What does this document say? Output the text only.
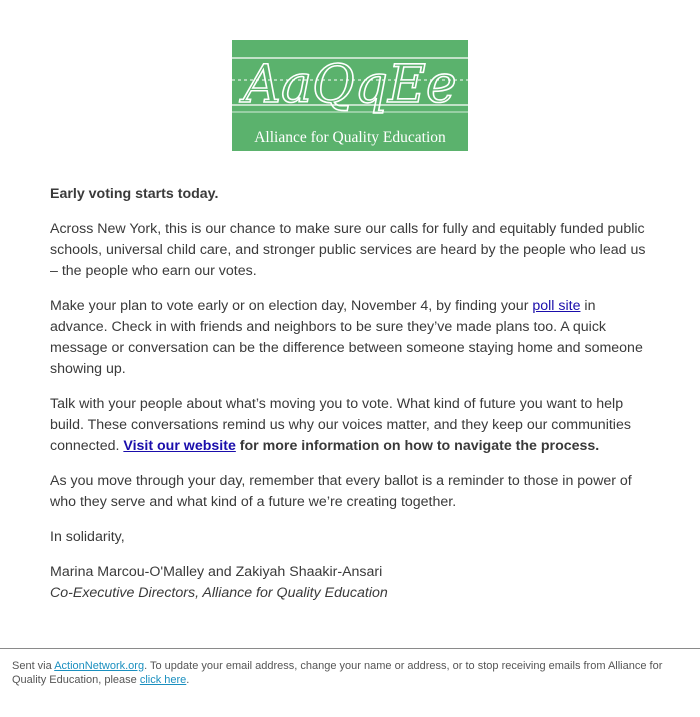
AaQqEe
Alliance for Quality Education

Early voting starts today.

Across New York, this is our chance to make sure our calls for fully and equitably funded public schools, universal child care, and stronger public services are heard by the people who lead us – the people who earn our votes.

Make your plan to vote early or on election day, November 4, by finding your poll site in advance. Check in with friends and neighbors to be sure they’ve made plans too. A quick message or conversation can be the difference between someone staying home and someone showing up.

Talk with your people about what’s moving you to vote. What kind of future you want to help build. These conversations remind us why our voices matter, and they keep our communities connected. Visit our website for more information on how to navigate the process.

As you move through your day, remember that every ballot is a reminder to those in power of who they serve and what kind of a future we’re creating together.

In solidarity,

Marina Marcou-O'Malley and Zakiyah Shaakir-Ansari

Co-Executive Directors, Alliance for Quality Education

Sent via ActionNetwork.org. To update your email address, change your name or address, or to stop receiving emails from Alliance for Quality Education, please click here.
